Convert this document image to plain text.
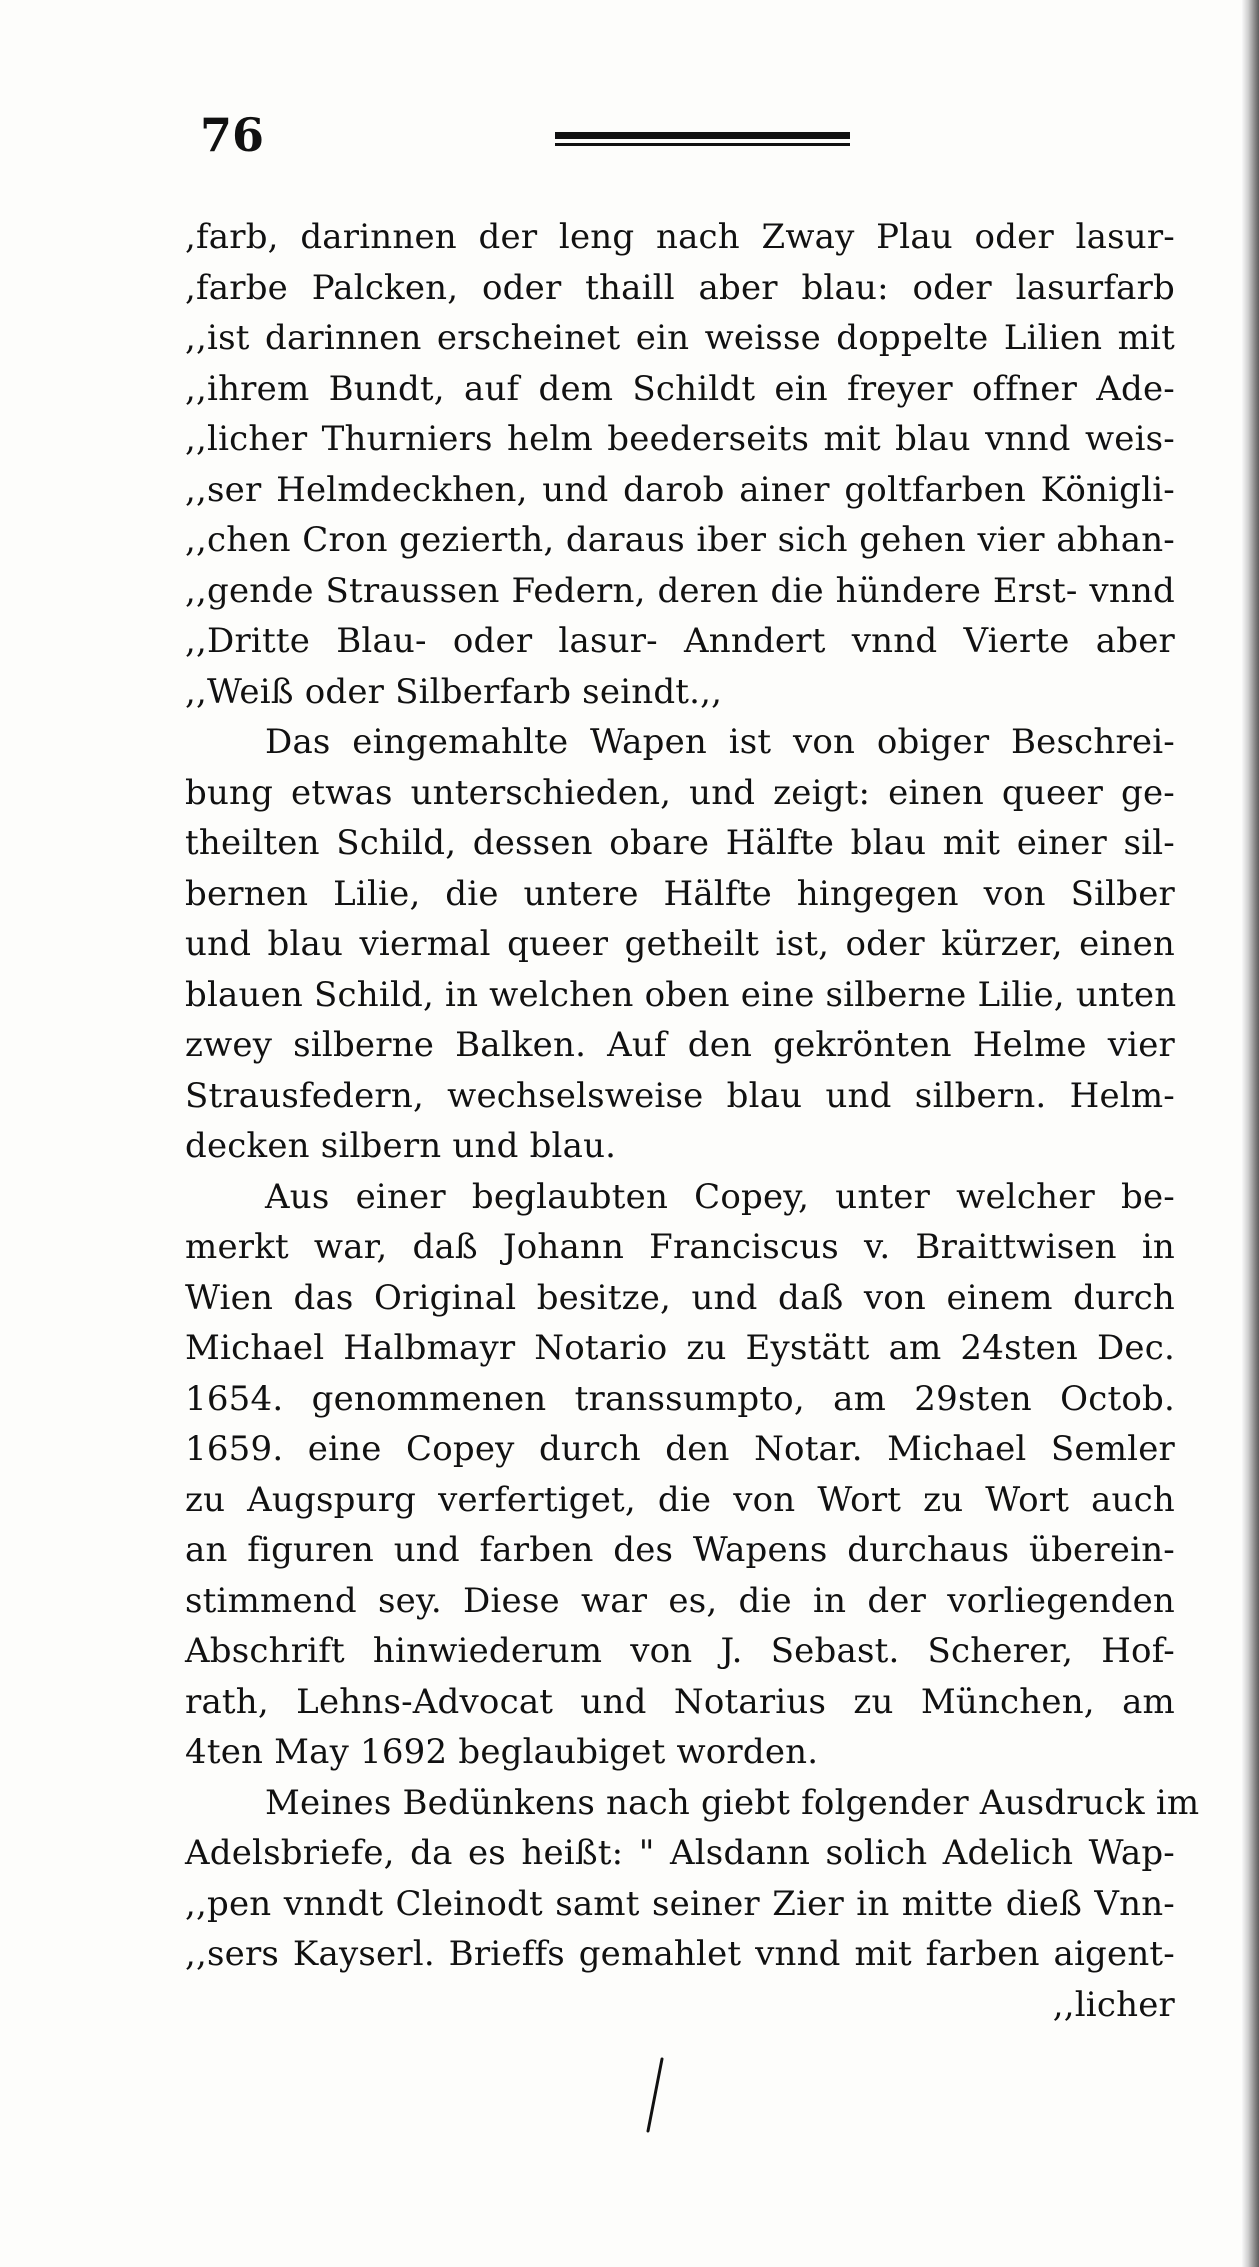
76
,farb, darinnen der leng nach Zway Plau oder lasur-
,farbe Palcken, oder thaill aber blau: oder lasurfarb
,,ist darinnen erscheinet ein weisse doppelte Lilien mit
,,ihrem Bundt, auf dem Schildt ein freyer offner Ade-
,,licher Thurniers helm beederseits mit blau vnnd weis-
,,ser Helmdeckhen, und darob ainer goltfarben Königli-
,,chen Cron gezierth, daraus iber sich gehen vier abhan-
,,gende Straussen Federn, deren die hündere Erst- vnnd
,,Dritte Blau- oder lasur- Anndert vnnd Vierte aber
,,Weiß oder Silberfarb seindt.,,
Das eingemahlte Wapen ist von obiger Beschrei-
bung etwas unterschieden, und zeigt: einen queer ge-
theilten Schild, dessen obare Hälfte blau mit einer sil-
bernen Lilie, die untere Hälfte hingegen von Silber
und blau viermal queer getheilt ist, oder kürzer, einen
blauen Schild, in welchen oben eine silberne Lilie, unten
zwey silberne Balken. Auf den gekrönten Helme vier
Strausfedern, wechselsweise blau und silbern. Helm-
decken silbern und blau.
Aus einer beglaubten Copey, unter welcher be-
merkt war, daß Johann Franciscus v. Braittwisen in
Wien das Original besitze, und daß von einem durch
Michael Halbmayr Notario zu Eystätt am 24sten Dec.
1654. genommenen transsumpto, am 29sten Octob.
1659. eine Copey durch den Notar. Michael Semler
zu Augspurg verfertiget, die von Wort zu Wort auch
an figuren und farben des Wapens durchaus überein-
stimmend sey. Diese war es, die in der vorliegenden
Abschrift hinwiederum von J. Sebast. Scherer, Hof-
rath, Lehns-Advocat und Notarius zu München, am
4ten May 1692 beglaubiget worden.
Meines Bedünkens nach giebt folgender Ausdruck im
Adelsbriefe, da es heißt: " Alsdann solich Adelich Wap-
,,pen vnndt Cleinodt samt seiner Zier in mitte dieß Vnn-
,,sers Kayserl. Brieffs gemahlet vnnd mit farben aigent-
,,licher
